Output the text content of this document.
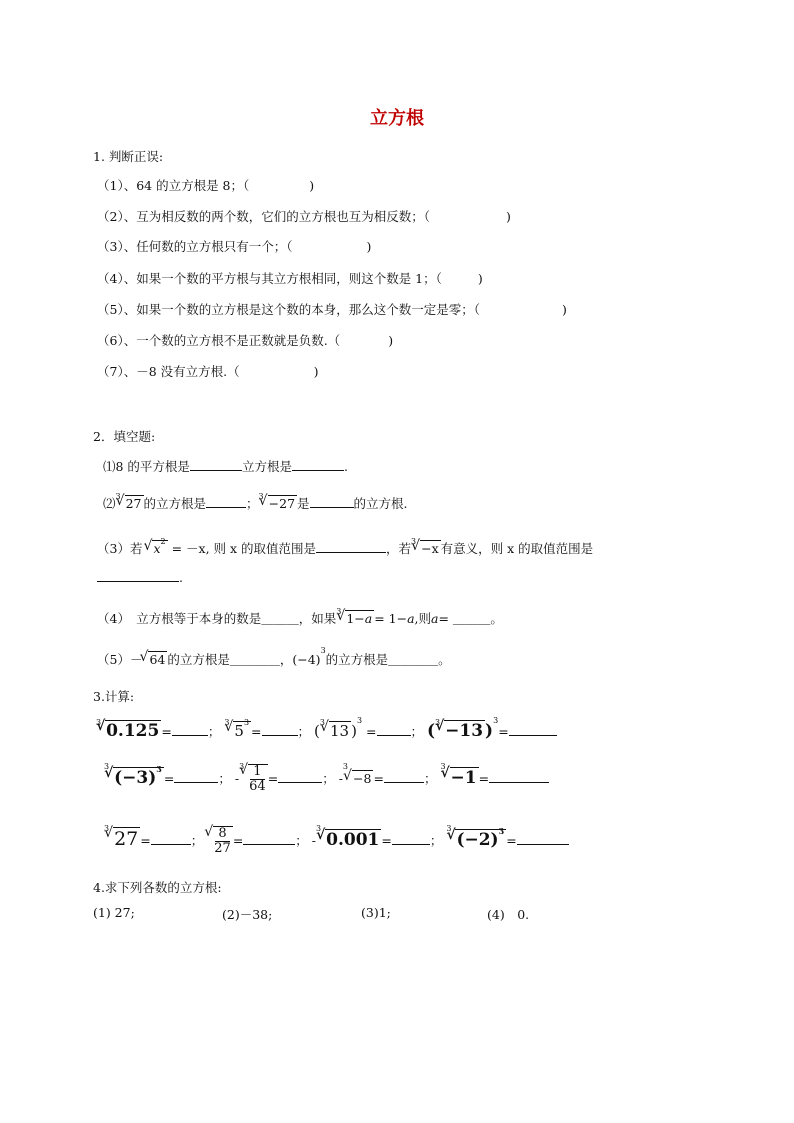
立方根
1. 判断正误:
（1）、64 的立方根是 8；（	)
（2）、互为相反数的两个数，它们的立方根也互为相反数；（	)
（3）、任何数的立方根只有一个；（	)
（4）、如果一个数的平方根与其立方根相同，则这个数是 1；（	)
（5）、如果一个数的立方根是这个数的本身，那么这个数一定是零；（	)
（6）、一个数的立方根不是正数就是负数.（	)
（7）、－8 没有立方根.（	)
2．填空题:
⑴8 的平方根是	立方根是	.
⑵$^3$ √ 27 的立方根是	；$^3$ √ −27 是	的立方根.
（3）若 √ $x^2 = -x$, 则 x 的取值范围是	，若$^3$ √ −x 有意义，则 x 的取值范围是
.
（4）　立方根等于本身的数是＿＿＿，如果$^3$ √ 1−a = 1−a,则a= ＿＿＿。
（5）－ √ 64 的立方根是＿＿＿＿，$(-4)^3$的立方根是＿＿＿＿。
3.计算:
$^3$ √ 0.125 =	； $^3$ √ $5^3=$	； ($^3$ √ 13 )$^3$ =	； ($^3$ √ −13 )$^3$=
$^3$√ $(-3)^3=$	； -$^3$ √ $\frac{1}{64}$ =	； -$^3$√ −8 =	； $^3$√ −1 =
$^3$ √ 27 =	； √ $\frac{8}{27}$ =	； -$^3$√ 0.001 =	； $^3$√ $(-2)^3=$
4.求下列各数的立方根:
(1) 27;	(2)－38;	(3)1;	(4)　0.
